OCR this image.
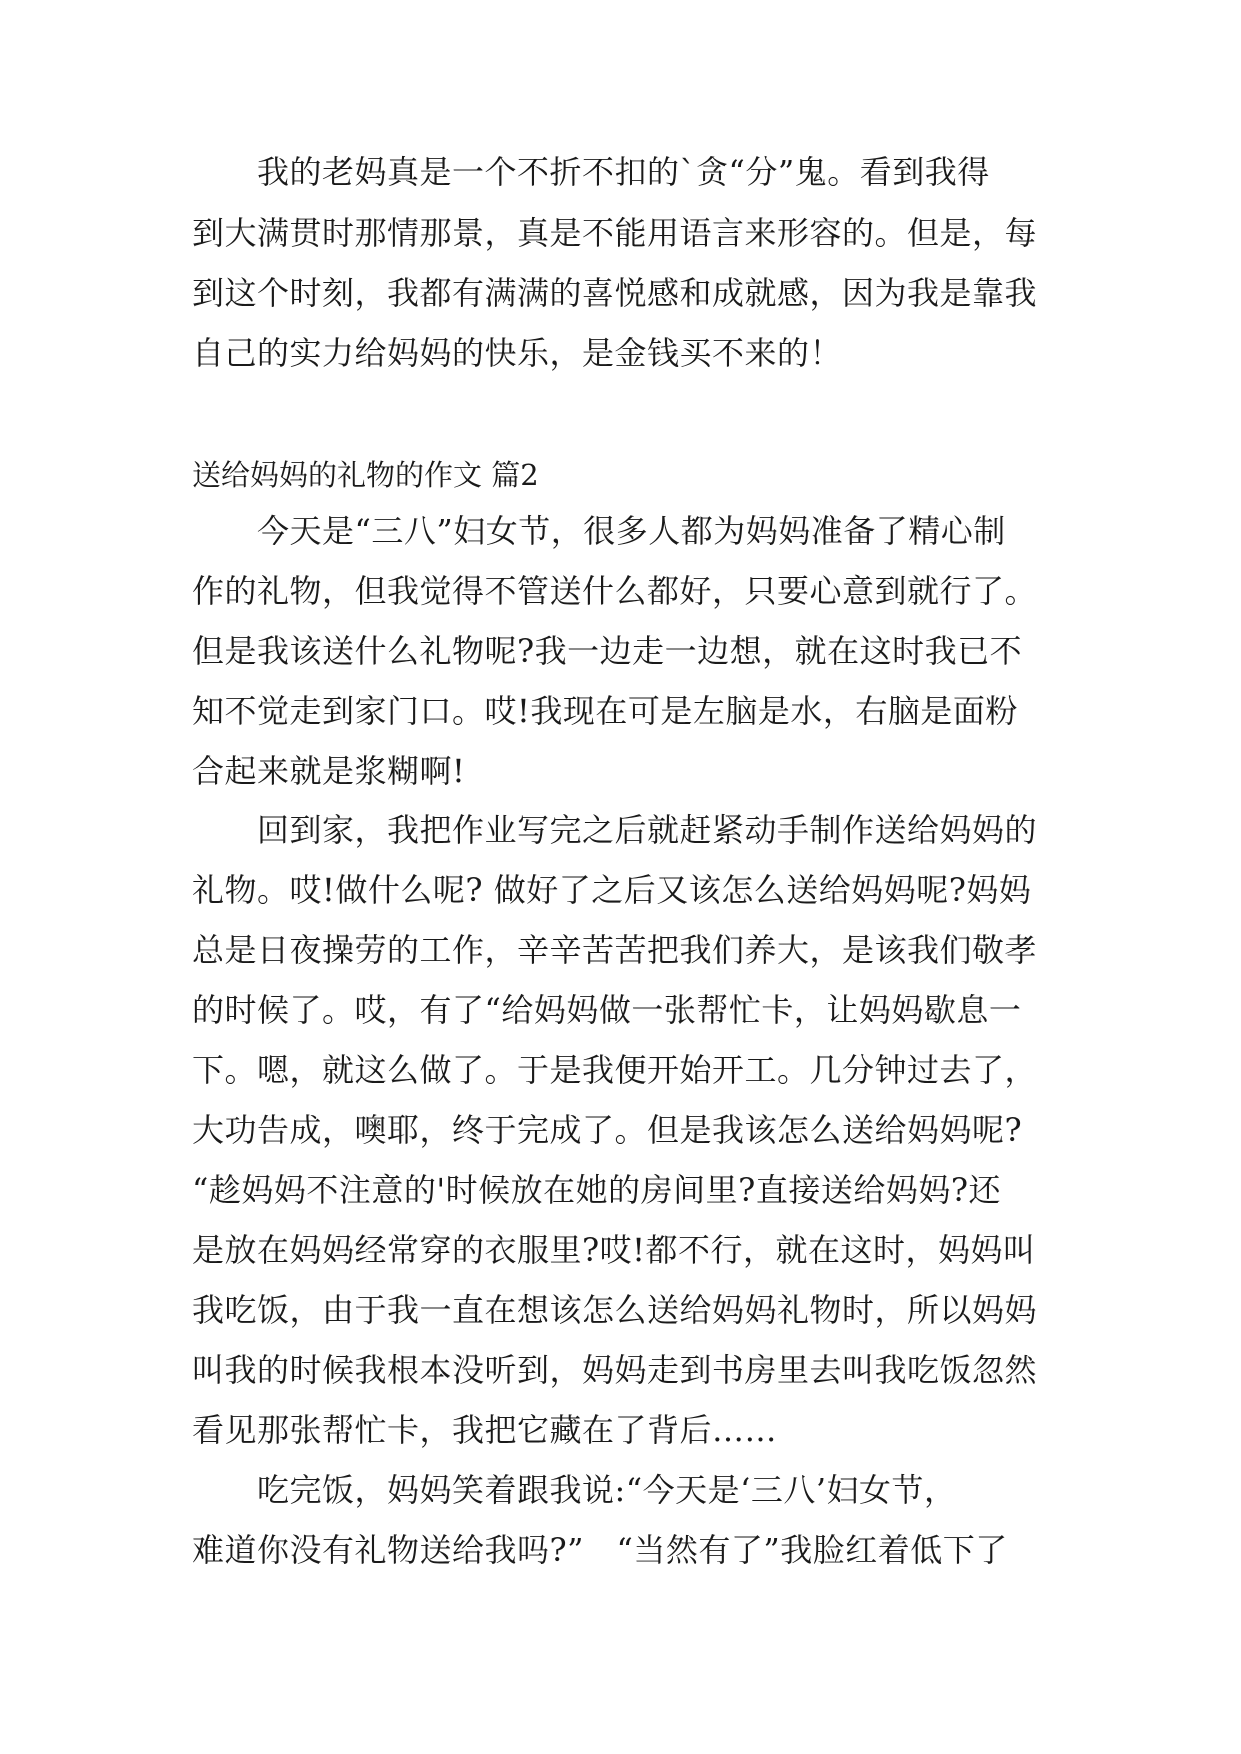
我的老妈真是一个不折不扣的`贪“分”鬼。看到我得

到大满贯时那情那景，真是不能用语言来形容的。但是，每

到这个时刻，我都有满满的喜悦感和成就感，因为我是靠我

自己的实力给妈妈的快乐，是金钱买不来的！

送给妈妈的礼物的作文 篇2

今天是“三八”妇女节，很多人都为妈妈准备了精心制

作的礼物，但我觉得不管送什么都好，只要心意到就行了。

但是我该送什么礼物呢?我一边走一边想，就在这时我已不

知不觉走到家门口。哎!我现在可是左脑是水，右脑是面粉

合起来就是浆糊啊!

回到家，我把作业写完之后就赶紧动手制作送给妈妈的

礼物。哎!做什么呢? 做好了之后又该怎么送给妈妈呢?妈妈

总是日夜操劳的工作，辛辛苦苦把我们养大，是该我们敬孝

的时候了。哎，有了“给妈妈做一张帮忙卡，让妈妈歇息一

下。嗯，就这么做了。于是我便开始开工。几分钟过去了，

大功告成，噢耶，终于完成了。但是我该怎么送给妈妈呢?

“趁妈妈不注意的'时候放在她的房间里?直接送给妈妈?还

是放在妈妈经常穿的衣服里?哎!都不行，就在这时，妈妈叫

我吃饭，由于我一直在想该怎么送给妈妈礼物时，所以妈妈

叫我的时候我根本没听到，妈妈走到书房里去叫我吃饭忽然

看见那张帮忙卡，我把它藏在了背后……

吃完饭，妈妈笑着跟我说:“今天是‘三八’妇女节，

难道你没有礼物送给我吗?”　“当然有了”我脸红着低下了
